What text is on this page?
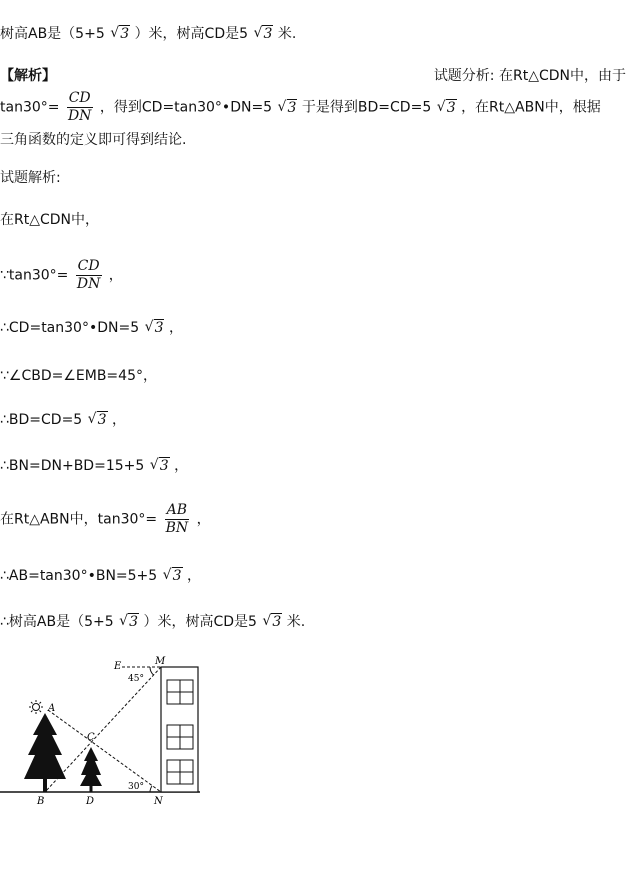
树高AB是（5+5 √ 3 ）米，树高CD是5 √ 3 米.
【解析】	试题分析: 在Rt△CDN中，由于
$\tan 30^\circ= \frac{CD}{DN}$ ，得到CD=tan30°•DN=5 √ 3 于是得到BD=CD=5 √ 3 ，在Rt△ABN中，根据
三角函数的定义即可得到结论.
试题解析:
在Rt△CDN中，
∵tan30°= $\frac{CD}{DN}$ ，
∴CD=tan30°•DN=5 √ 3 ，
∵∠CBD=∠EMB=45°，
∴BD=CD=5 √ 3 ，
∴BN=DN+BD=15+5 √ 3 ，
在Rt△ABN中，$\tan 30^\circ= \frac{AB}{BN}$ ，
∴AB=tan30°•BN=5+5 √ 3 ，
∴树高AB是（5+5 √ 3 ）米，树高CD是5 √ 3 米.
E	M
A
C
B	D	N
45°
30°
